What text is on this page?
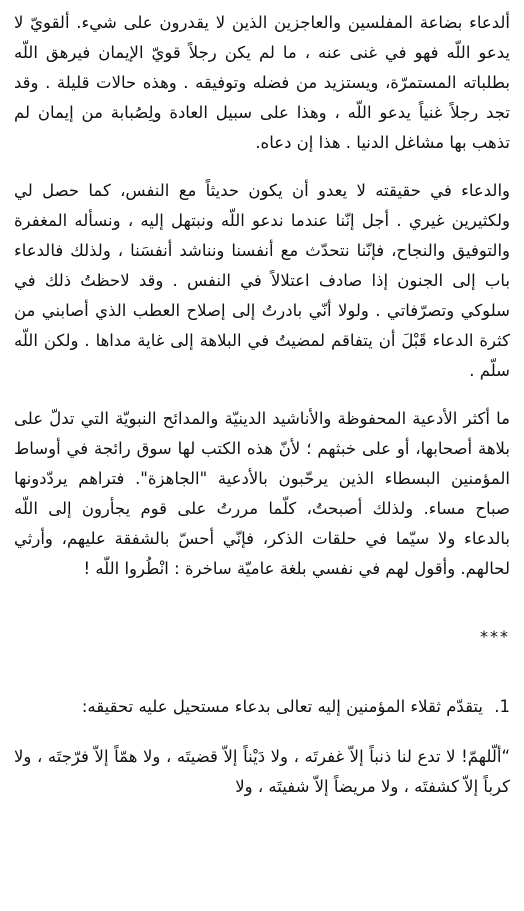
ألدعاء بضاعة المفلسين والعاجزين الذين لا يقدرون على شيء. ألقويّ لا يدعو اللّه فهو في غنى عنه ، ما لم يكن رجلاً قويّ الإيمان فيرهق اللّه بطلباته المستمرّة، ويستزيد من فضله وتوفيقه . وهذه حالات قليلة . وقد تجد رجلاً غنياً يدعو اللّه ، وهذا على سبيل العادة ولِصُبابة من إيمان لم تذهب بها مشاغل الدنيا . هذا إن دعاه.

والدعاء في حقيقته لا يعدو أن يكون حديثاً مع النفس، كما حصل لي ولكثيرين غيري . أجل إنّنا عندما ندعو اللّه ونبتهل إليه ، ونسأله المغفرة والتوفيق والنجاح، فإنّنا نتحدّث مع أنفسنا ونناشد أنفسَنا ، ولذلك فالدعاء باب إلى الجنون إذا صادف اعتلالاً في النفس . وقد لاحظتُ ذلك في سلوكي وتصرّفاتي . ولولا أنّي بادرتُ إلى إصلاح العطب الذي أصابني من كثرة الدعاء قَبْلَ أن يتفاقم لمضيتُ في البلاهة إلى غاية مداها . ولكن اللّه سلّم .

ما أكثر الأدعية المحفوظة والأناشيد الدينيّة والمدائح النبويّة التي تدلّ على بلاهة أصحابها، أو على خبثهم ؛ لأنّ هذه الكتب لها سوق رائجة في أوساط المؤمنين البسطاء الذين يرحّبون بالأدعية "الجاهزة". فتراهم يردّدونها صباح مساء. ولذلك أصبحتُ، كلّما مررتُ على قوم يجأرون إلى اللّه بالدعاء ولا سيّما في حلقات الذكر، فإنّي أحسّ بالشفقة عليهم، وأرثي لحالهم. وأقول لهم في نفسي بلغة عاميّة ساخرة : انْطُروا اللّه !

***

1. يتقدّم ثقلاء المؤمنين إليه تعالى بدعاء مستحيل عليه تحقيقه:

“ألّلهمّ! لا تدع لنا ذنباً إلاّ غفرتَه ، ولا دَيْناً إلاّ قضيتَه ، ولا همّاً إلاّ فرّجتَه ، ولا كرباً إلاّ كشفتَه ، ولا مريضاً إلاّ شفيتَه ، ولا
